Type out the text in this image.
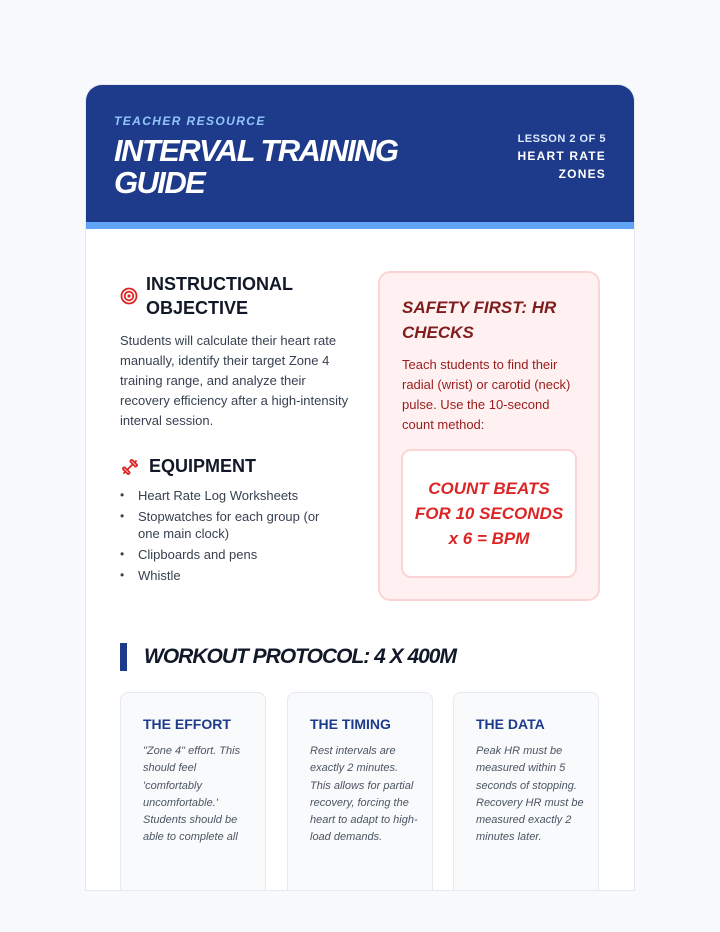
TEACHER RESOURCE
INTERVAL TRAINING GUIDE
LESSON 2 OF 5
HEART RATE ZONES
INSTRUCTIONAL OBJECTIVE
Students will calculate their heart rate manually, identify their target Zone 4 training range, and analyze their recovery efficiency after a high-intensity interval session.
EQUIPMENT
• Heart Rate Log Worksheets
• Stopwatches for each group (or one main clock)
• Clipboards and pens
• Whistle
SAFETY FIRST: HR CHECKS
Teach students to find their radial (wrist) or carotid (neck) pulse. Use the 10-second count method:
COUNT BEATS FOR 10 SECONDS x 6 = BPM
WORKOUT PROTOCOL: 4 X 400M
THE EFFORT
"Zone 4" effort. This should feel 'comfortably uncomfortable.' Students should be able to complete all
THE TIMING
Rest intervals are exactly 2 minutes. This allows for partial recovery, forcing the heart to adapt to high-load demands.
THE DATA
Peak HR must be measured within 5 seconds of stopping. Recovery HR must be measured exactly 2 minutes later.
